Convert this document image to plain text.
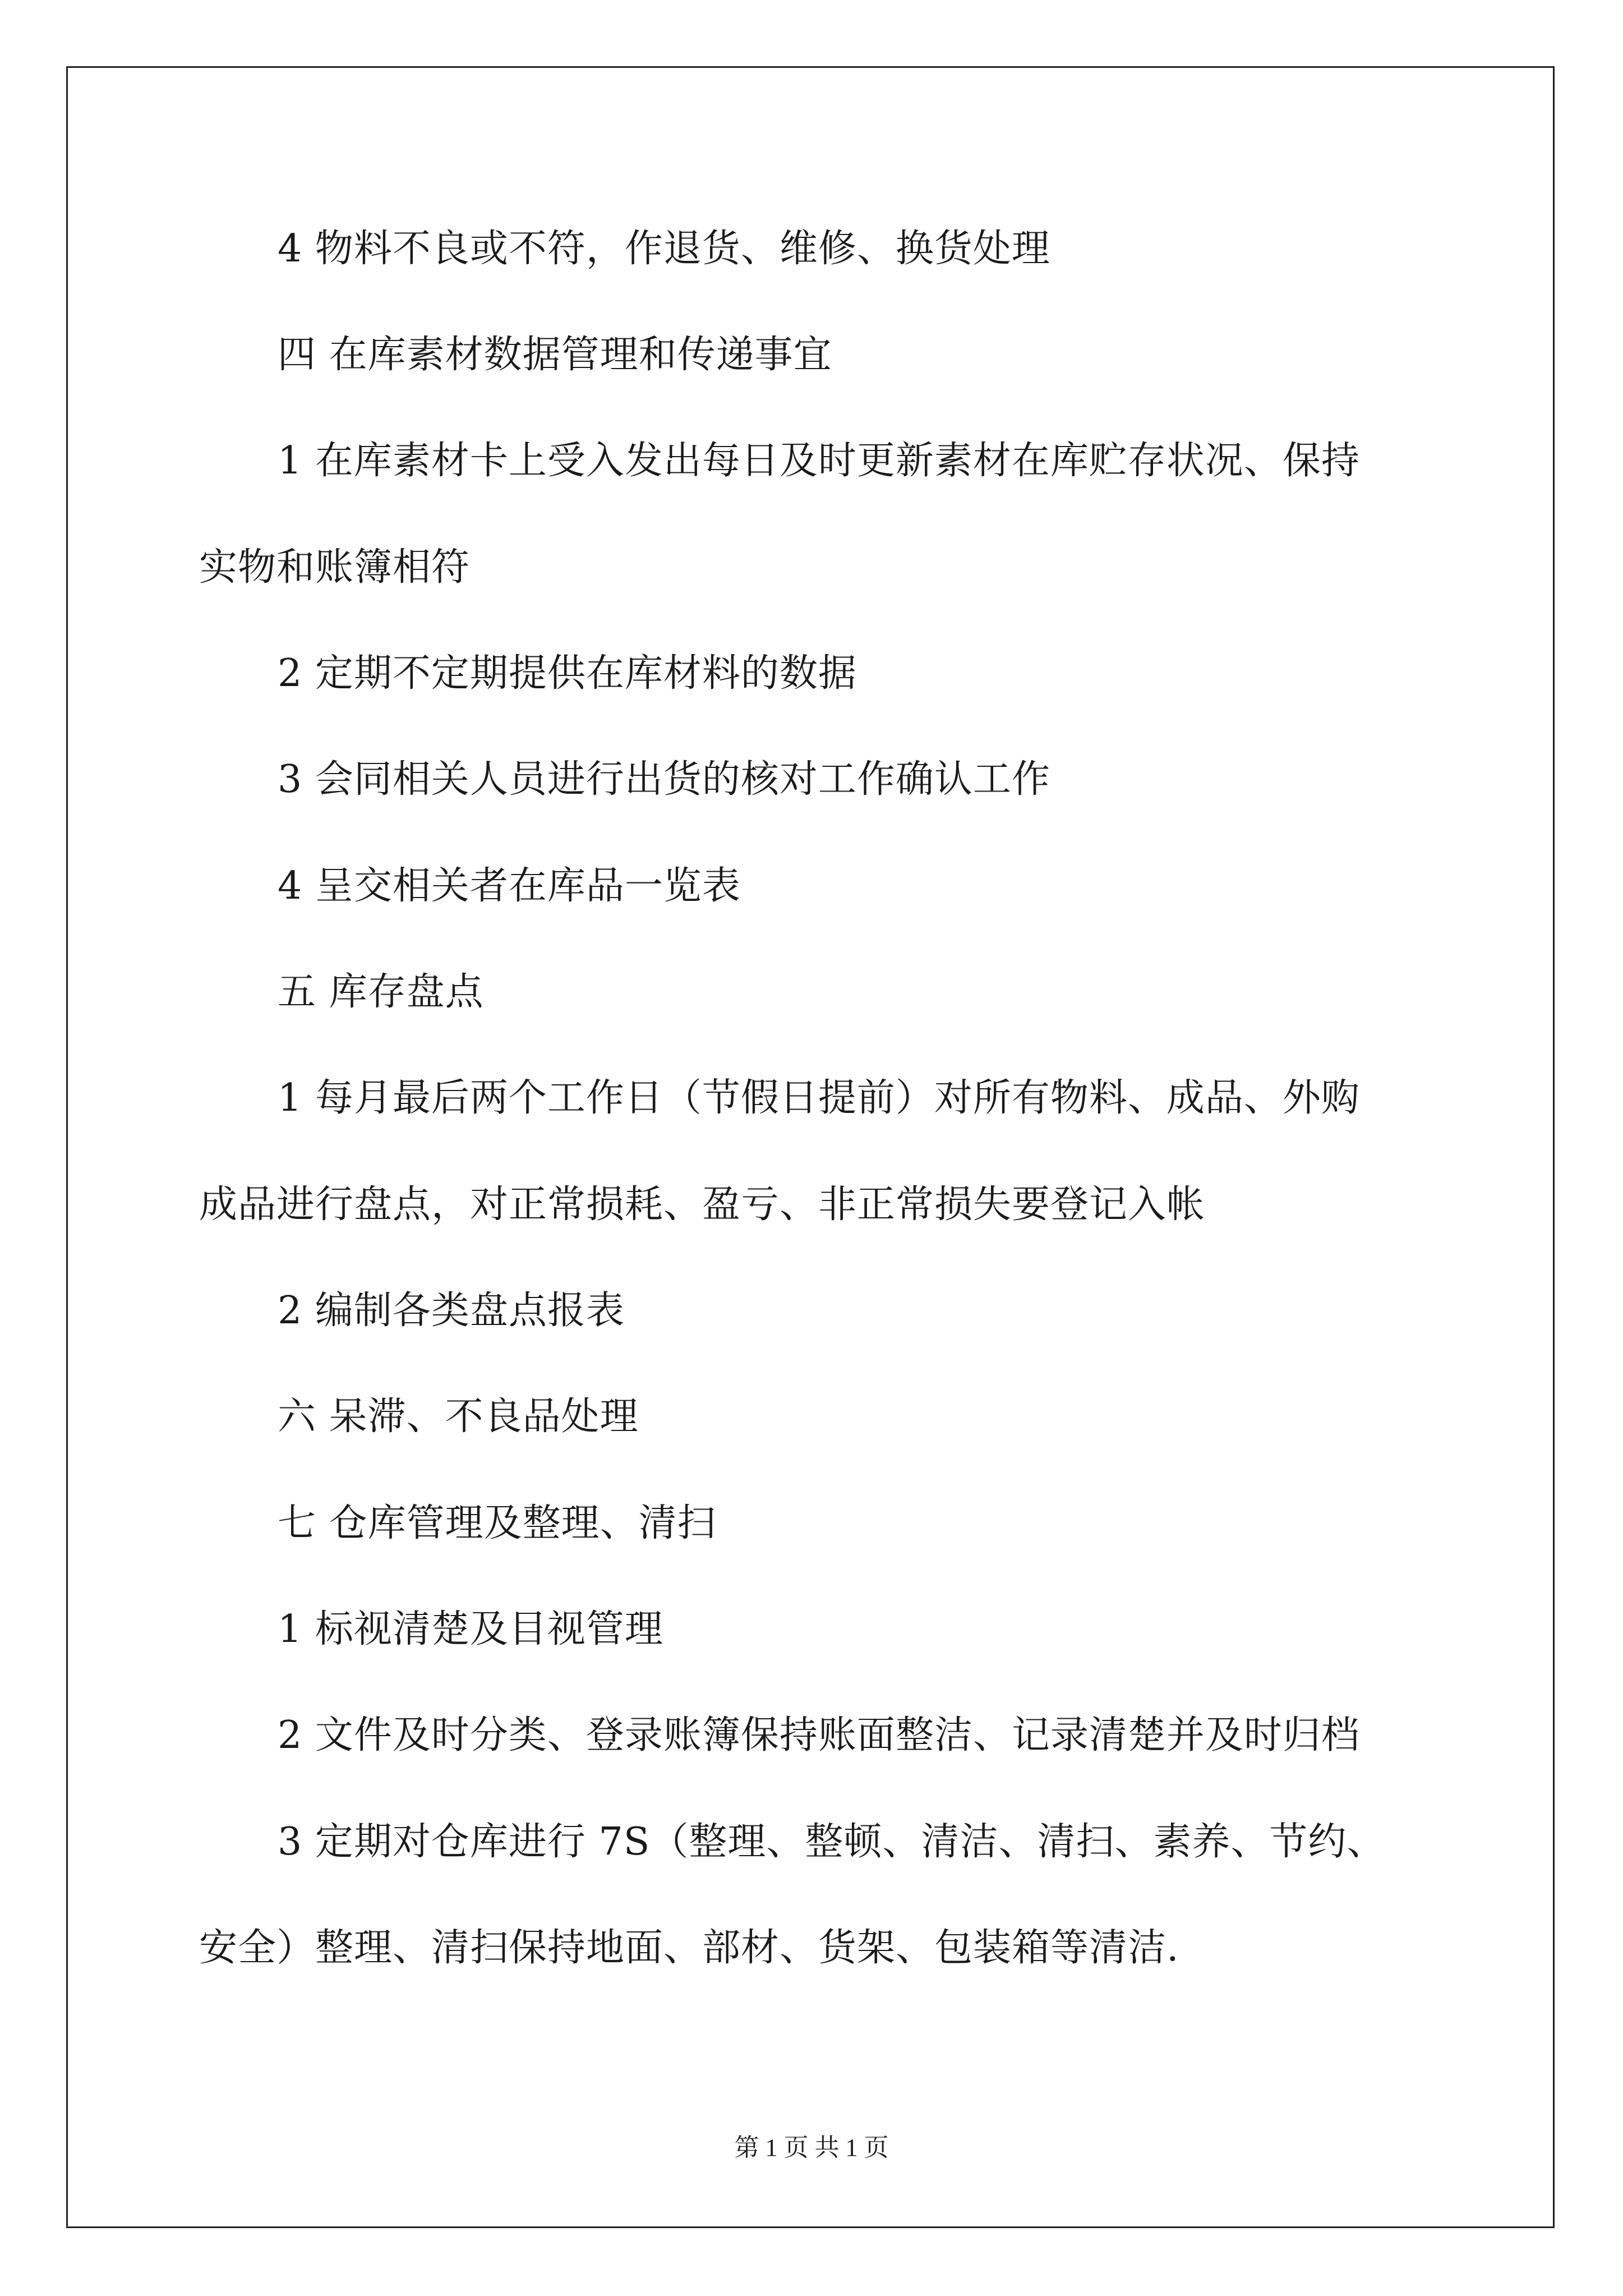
4 物料不良或不符，作退货、维修、换货处理
四 在库素材数据管理和传递事宜
1 在库素材卡上受入发出每日及时更新素材在库贮存状况、保持
实物和账簿相符
2 定期不定期提供在库材料的数据
3 会同相关人员进行出货的核对工作确认工作
4 呈交相关者在库品一览表
五 库存盘点
1 每月最后两个工作日（节假日提前）对所有物料、成品、外购
成品进行盘点，对正常损耗、盈亏、非正常损失要登记入帐
2 编制各类盘点报表
六 呆滞、不良品处理
七 仓库管理及整理、清扫
1 标视清楚及目视管理
2 文件及时分类、登录账簿保持账面整洁、记录清楚并及时归档
3 定期对仓库进行 7S（整理、整顿、清洁、清扫、素养、节约、
安全）整理、清扫保持地面、部材、货架、包装箱等清洁.
第 1 页 共 1 页
